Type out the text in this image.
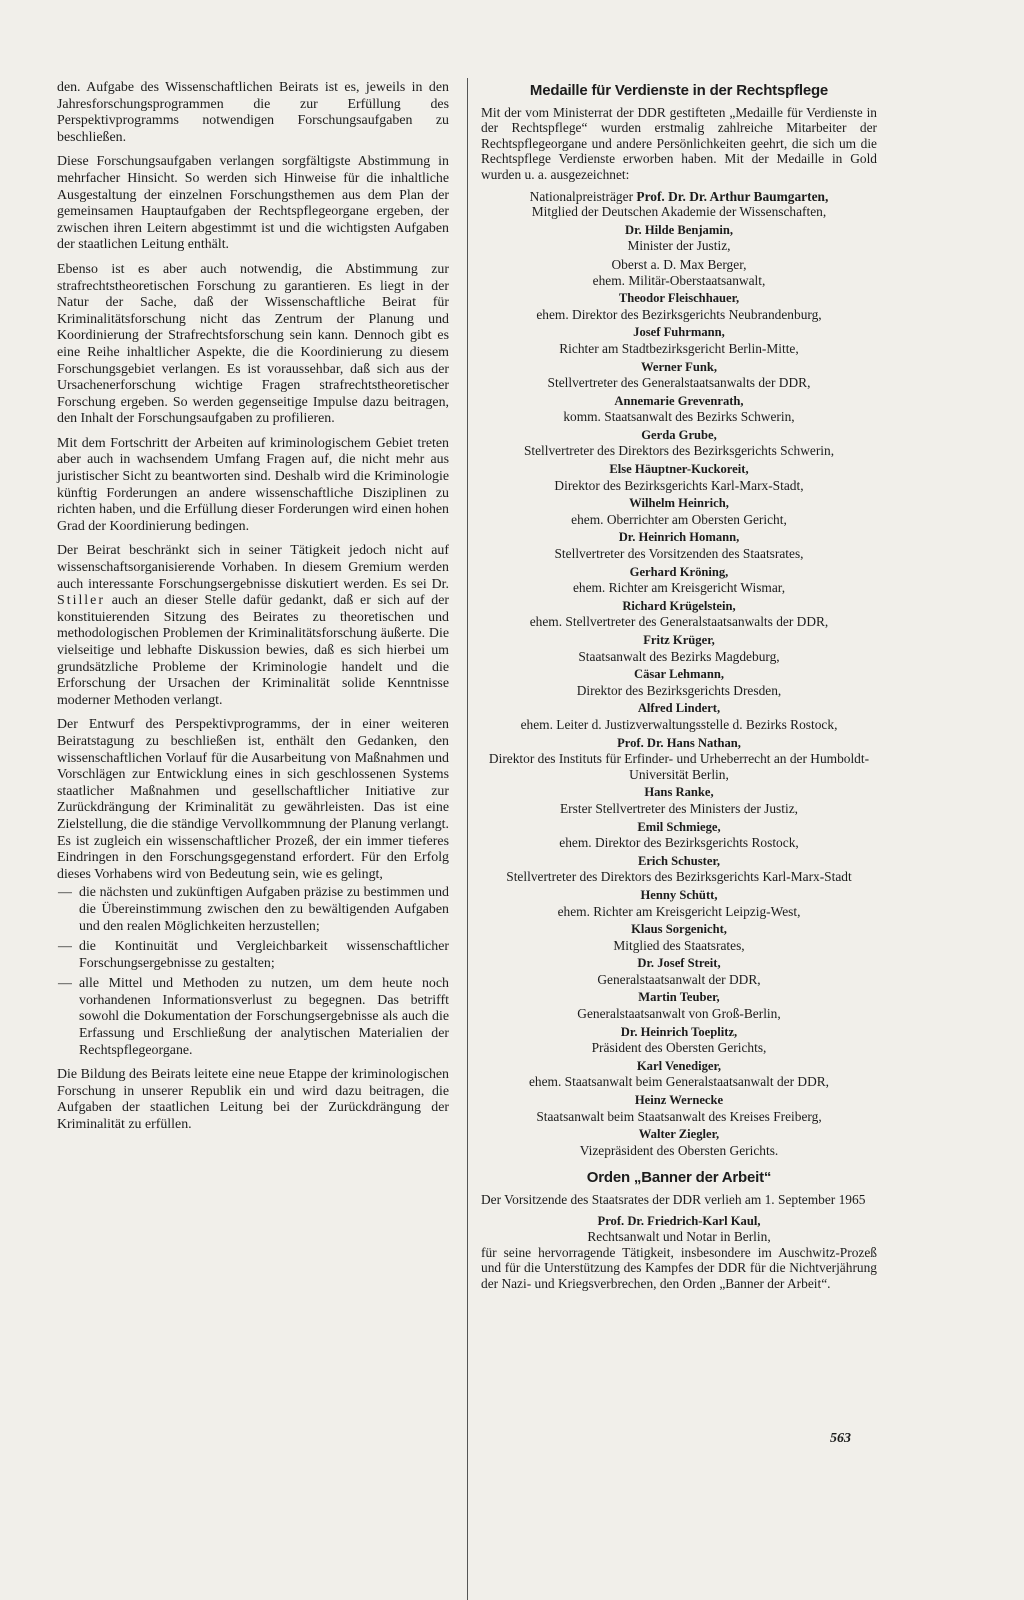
den. Aufgabe des Wissenschaftlichen Beirats ist es, jeweils in den Jahresforschungsprogrammen die zur Erfüllung des Perspektivprogramms notwendigen Forschungsaufgaben zu beschließen.

Diese Forschungsaufgaben verlangen sorgfältigste Abstimmung in mehrfacher Hinsicht. So werden sich Hinweise für die inhaltliche Ausgestaltung der einzelnen Forschungsthemen aus dem Plan der gemeinsamen Hauptaufgaben der Rechtspflegeorgane ergeben, der zwischen ihren Leitern abgestimmt ist und die wichtigsten Aufgaben der staatlichen Leitung enthält.

Ebenso ist es aber auch notwendig, die Abstimmung zur strafrechtstheoretischen Forschung zu garantieren. Es liegt in der Natur der Sache, daß der Wissenschaftliche Beirat für Kriminalitätsforschung nicht das Zentrum der Planung und Koordinierung der Strafrechtsforschung sein kann. Dennoch gibt es eine Reihe inhaltlicher Aspekte, die die Koordinierung zu diesem Forschungsgebiet verlangen. Es ist voraussehbar, daß sich aus der Ursachenerforschung wichtige Fragen strafrechtstheoretischer Forschung ergeben. So werden gegenseitige Impulse dazu beitragen, den Inhalt der Forschungsaufgaben zu profilieren.

Mit dem Fortschritt der Arbeiten auf kriminologischem Gebiet treten aber auch in wachsendem Umfang Fragen auf, die nicht mehr aus juristischer Sicht zu beantworten sind. Deshalb wird die Kriminologie künftig Forderungen an andere wissenschaftliche Disziplinen zu richten haben, und die Erfüllung dieser Forderungen wird einen hohen Grad der Koordinierung bedingen.

Der Beirat beschränkt sich in seiner Tätigkeit jedoch nicht auf wissenschaftsorganisierende Vorhaben. In diesem Gremium werden auch interessante Forschungsergebnisse diskutiert werden. Es sei Dr. Stiller auch an dieser Stelle dafür gedankt, daß er sich auf der konstituierenden Sitzung des Beirates zu theoretischen und methodologischen Problemen der Kriminalitätsforschung äußerte. Die vielseitige und lebhafte Diskussion bewies, daß es sich hierbei um grundsätzliche Probleme der Kriminologie handelt und die Erforschung der Ursachen der Kriminalität solide Kenntnisse moderner Methoden verlangt.

Der Entwurf des Perspektivprogramms, der in einer weiteren Beiratstagung zu beschließen ist, enthält den Gedanken, den wissenschaftlichen Vorlauf für die Ausarbeitung von Maßnahmen und Vorschlägen zur Entwicklung eines in sich geschlossenen Systems staatlicher Maßnahmen und gesellschaftlicher Initiative zur Zurückdrängung der Kriminalität zu gewährleisten. Das ist eine Zielstellung, die die ständige Vervollkommnung der Planung verlangt. Es ist zugleich ein wissenschaftlicher Prozeß, der ein immer tieferes Eindringen in den Forschungsgegenstand erfordert. Für den Erfolg dieses Vorhabens wird von Bedeutung sein, wie es gelingt,

— die nächsten und zukünftigen Aufgaben präzise zu bestimmen und die Übereinstimmung zwischen den zu bewältigenden Aufgaben und den realen Möglichkeiten herzustellen;
— die Kontinuität und Vergleichbarkeit wissenschaftlicher Forschungsergebnisse zu gestalten;
— alle Mittel und Methoden zu nutzen, um dem heute noch vorhandenen Informationsverlust zu begegnen. Das betrifft sowohl die Dokumentation der Forschungsergebnisse als auch die Erfassung und Erschließung der analytischen Materialien der Rechtspflegeorgane.

Die Bildung des Beirats leitete eine neue Etappe der kriminologischen Forschung in unserer Republik ein und wird dazu beitragen, die Aufgaben der staatlichen Leitung bei der Zurückdrängung der Kriminalität zu erfüllen.

Medaille für Verdienste in der Rechtspflege

Mit der vom Ministerrat der DDR gestifteten „Medaille für Verdienste in der Rechtspflege“ wurden erstmalig zahlreiche Mitarbeiter der Rechtspflegeorgane und andere Persönlichkeiten geehrt, die sich um die Rechtspflege Verdienste erworben haben. Mit der Medaille in Gold wurden u. a. ausgezeichnet:

Nationalpreisträger Prof. Dr. Dr. Arthur Baumgarten,
Mitglied der Deutschen Akademie der Wissenschaften,
Dr. Hilde Benjamin,
Minister der Justiz,
Oberst a. D. Max Berger,
ehem. Militär-Oberstaatsanwalt,
Theodor Fleischhauer,
ehem. Direktor des Bezirksgerichts Neubrandenburg,
Josef Fuhrmann,
Richter am Stadtbezirksgericht Berlin-Mitte,
Werner Funk,
Stellvertreter des Generalstaatsanwalts der DDR,
Annemarie Grevenrath,
komm. Staatsanwalt des Bezirks Schwerin,
Gerda Grube,
Stellvertreter des Direktors des Bezirksgerichts Schwerin,
Else Häuptner-Kuckoreit,
Direktor des Bezirksgerichts Karl-Marx-Stadt,
Wilhelm Heinrich,
ehem. Oberrichter am Obersten Gericht,
Dr. Heinrich Homann,
Stellvertreter des Vorsitzenden des Staatsrates,
Gerhard Kröning,
ehem. Richter am Kreisgericht Wismar,
Richard Krügelstein,
ehem. Stellvertreter des Generalstaatsanwalts der DDR,
Fritz Krüger,
Staatsanwalt des Bezirks Magdeburg,
Cäsar Lehmann,
Direktor des Bezirksgerichts Dresden,
Alfred Lindert,
ehem. Leiter d. Justizverwaltungsstelle d. Bezirks Rostock,
Prof. Dr. Hans Nathan,
Direktor des Instituts für Erfinder- und Urheberrecht an der Humboldt-Universität Berlin,
Hans Ranke,
Erster Stellvertreter des Ministers der Justiz,
Emil Schmiege,
ehem. Direktor des Bezirksgerichts Rostock,
Erich Schuster,
Stellvertreter des Direktors des Bezirksgerichts Karl-Marx-Stadt
Henny Schütt,
ehem. Richter am Kreisgericht Leipzig-West,
Klaus Sorgenicht,
Mitglied des Staatsrates,
Dr. Josef Streit,
Generalstaatsanwalt der DDR,
Martin Teuber,
Generalstaatsanwalt von Groß-Berlin,
Dr. Heinrich Toeplitz,
Präsident des Obersten Gerichts,
Karl Venediger,
ehem. Staatsanwalt beim Generalstaatsanwalt der DDR,
Heinz Wernecke
Staatsanwalt beim Staatsanwalt des Kreises Freiberg,
Walter Ziegler,
Vizepräsident des Obersten Gerichts.
Orden „Banner der Arbeit“

Der Vorsitzende des Staatsrates der DDR verlieh am 1. September 1965

Prof. Dr. Friedrich-Karl Kaul,
Rechtsanwalt und Notar in Berlin,

für seine hervorragende Tätigkeit, insbesondere im Auschwitz-Prozeß und für die Unterstützung des Kampfes der DDR für die Nichtverjährung der Nazi- und Kriegsverbrechen, den Orden „Banner der Arbeit“.

563
